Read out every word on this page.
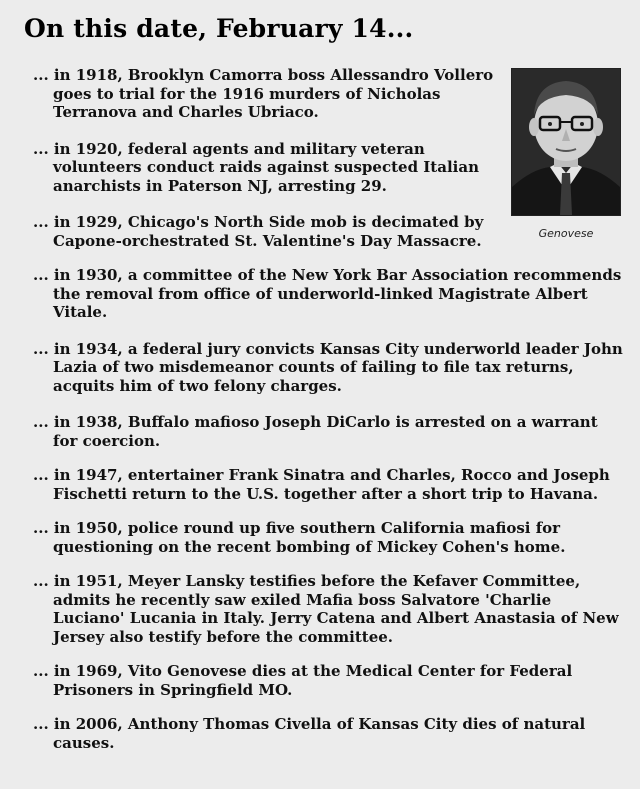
On this date, February 14...
Genovese
... in 1918, Brooklyn Camorra boss Allessandro Vollero goes to trial for the 1916 murders of Nicholas Terranova and Charles Ubriaco.
... in 1920, federal agents and military veteran volunteers conduct raids against suspected Italian anarchists in Paterson NJ, arresting 29.
... in 1929, Chicago's North Side mob is decimated by Capone-orchestrated St. Valentine's Day Massacre.
... in 1930, a committee of the New York Bar Association recommends the removal from office of underworld-linked Magistrate Albert Vitale.
... in 1934, a federal jury convicts Kansas City underworld leader John Lazia of two misdemeanor counts of failing to file tax returns, acquits him of two felony charges.
... in 1938, Buffalo mafioso Joseph DiCarlo is arrested on a warrant for coercion.
... in 1947, entertainer Frank Sinatra and Charles, Rocco and Joseph Fischetti return to the U.S. together after a short trip to Havana.
... in 1950, police round up five southern California mafiosi for questioning on the recent bombing of Mickey Cohen's home.
... in 1951, Meyer Lansky testifies before the Kefaver Committee, admits he recently saw exiled Mafia boss Salvatore 'Charlie Luciano' Lucania in Italy. Jerry Catena and Albert Anastasia of New Jersey also testify before the committee.
... in 1969, Vito Genovese dies at the Medical Center for Federal Prisoners in Springfield MO.
... in 2006, Anthony Thomas Civella of Kansas City dies of natural causes.
